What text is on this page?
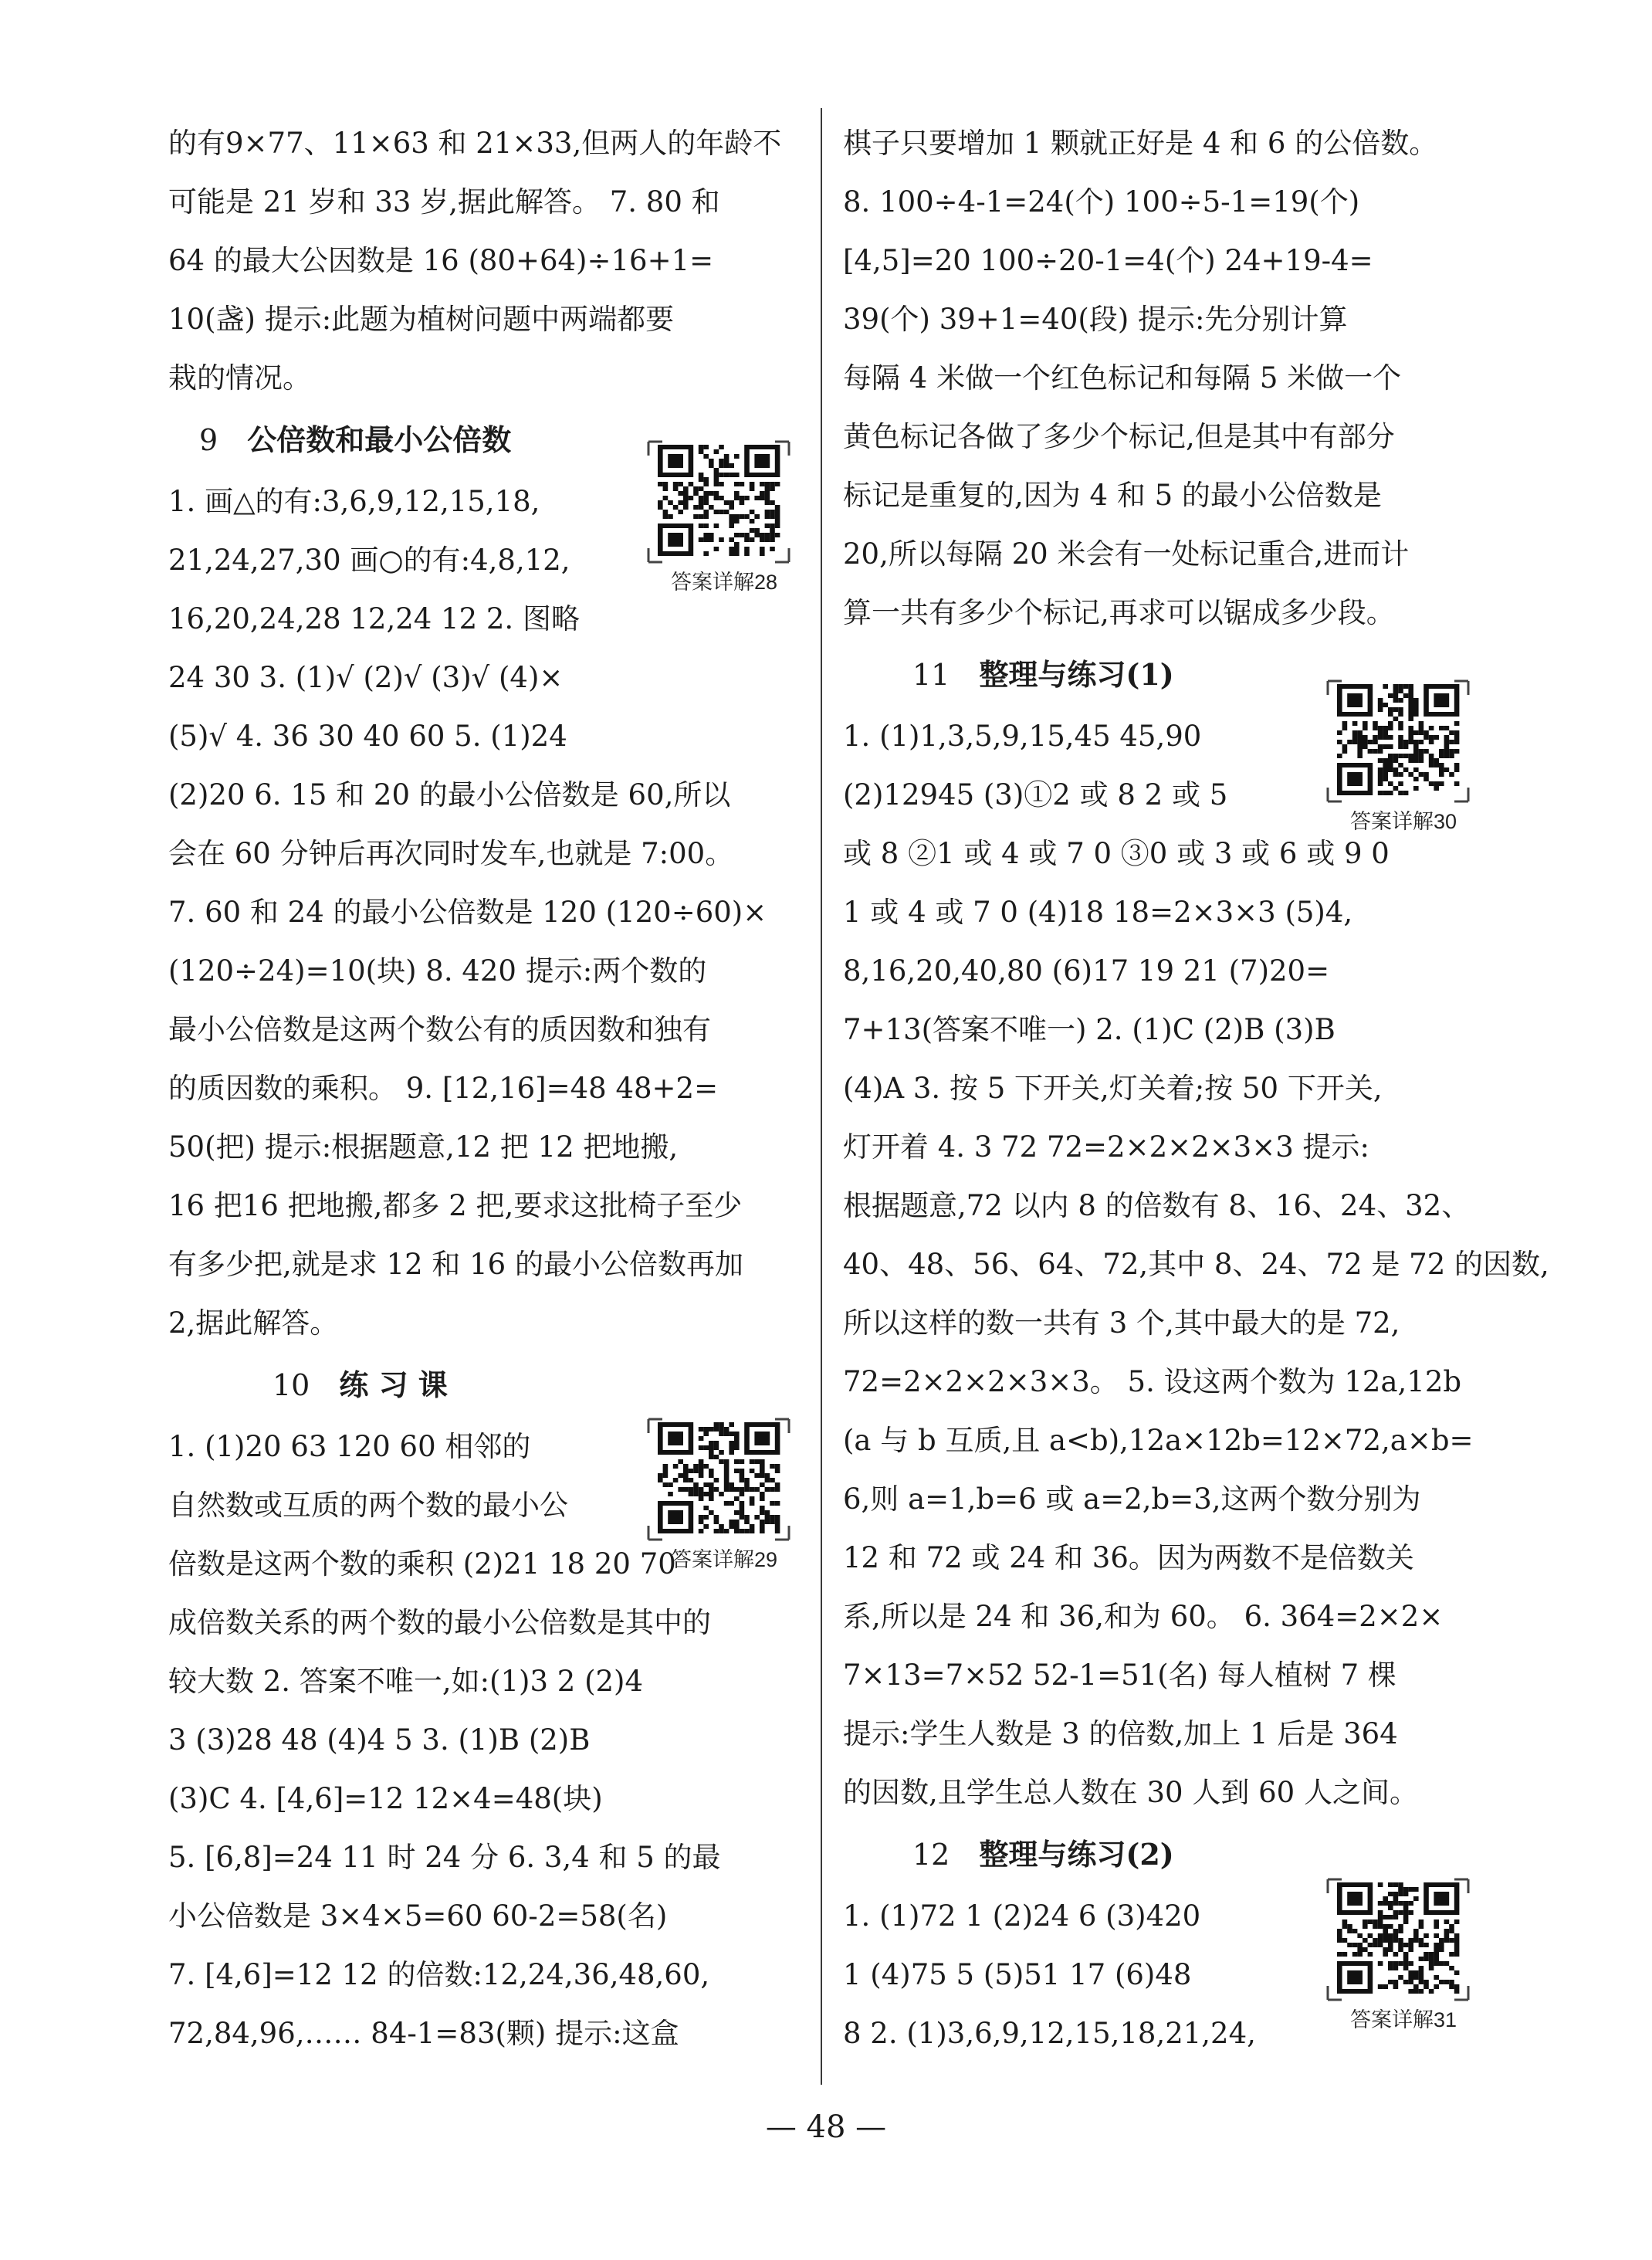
的有9×77、11×63 和 21×33,但两人的年龄不
可能是 21 岁和 33 岁,据此解答。 7. 80 和
64 的最大公因数是 16 (80+64)÷16+1=
10(盏) 提示:此题为植树问题中两端都要
栽的情况。
9 公倍数和最小公倍数
1. 画△的有:3,6,9,12,15,18,
21,24,27,30 画○的有:4,8,12,
16,20,24,28 12,24 12 2. 图略
24 30 3. (1)√ (2)√ (3)√ (4)×
(5)√ 4. 36 30 40 60 5. (1)24
(2)20 6. 15 和 20 的最小公倍数是 60,所以
会在 60 分钟后再次同时发车,也就是 7:00。
7. 60 和 24 的最小公倍数是 120 (120÷60)×
(120÷24)=10(块) 8. 420 提示:两个数的
最小公倍数是这两个数公有的质因数和独有
的质因数的乘积。 9. [12,16]=48 48+2=
50(把) 提示:根据题意,12 把 12 把地搬,
16 把16 把地搬,都多 2 把,要求这批椅子至少
有多少把,就是求 12 和 16 的最小公倍数再加
2,据此解答。
10 练 习 课
1. (1)20 63 120 60 相邻的
自然数或互质的两个数的最小公
倍数是这两个数的乘积 (2)21 18 20 70
成倍数关系的两个数的最小公倍数是其中的
较大数 2. 答案不唯一,如:(1)3 2 (2)4
3 (3)28 48 (4)4 5 3. (1)B (2)B
(3)C 4. [4,6]=12 12×4=48(块)
5. [6,8]=24 11 时 24 分 6. 3,4 和 5 的最
小公倍数是 3×4×5=60 60-2=58(名)
7. [4,6]=12 12 的倍数:12,24,36,48,60,
72,84,96,…… 84-1=83(颗) 提示:这盒
棋子只要增加 1 颗就正好是 4 和 6 的公倍数。
8. 100÷4-1=24(个) 100÷5-1=19(个)
[4,5]=20 100÷20-1=4(个) 24+19-4=
39(个) 39+1=40(段) 提示:先分别计算
每隔 4 米做一个红色标记和每隔 5 米做一个
黄色标记各做了多少个标记,但是其中有部分
标记是重复的,因为 4 和 5 的最小公倍数是
20,所以每隔 20 米会有一处标记重合,进而计
算一共有多少个标记,再求可以锯成多少段。
11 整理与练习(1)
1. (1)1,3,5,9,15,45 45,90
(2)12945 (3)①2 或 8 2 或 5
或 8 ②1 或 4 或 7 0 ③0 或 3 或 6 或 9 0
1 或 4 或 7 0 (4)18 18=2×3×3 (5)4,
8,16,20,40,80 (6)17 19 21 (7)20=
7+13(答案不唯一) 2. (1)C (2)B (3)B
(4)A 3. 按 5 下开关,灯关着;按 50 下开关,
灯开着 4. 3 72 72=2×2×2×3×3 提示:
根据题意,72 以内 8 的倍数有 8、16、24、32、
40、48、56、64、72,其中 8、24、72 是 72 的因数,
所以这样的数一共有 3 个,其中最大的是 72,
72=2×2×2×3×3。 5. 设这两个数为 12a,12b
(a 与 b 互质,且 a<b),12a×12b=12×72,a×b=
6,则 a=1,b=6 或 a=2,b=3,这两个数分别为
12 和 72 或 24 和 36。因为两数不是倍数关
系,所以是 24 和 36,和为 60。 6. 364=2×2×
7×13=7×52 52-1=51(名) 每人植树 7 棵
提示:学生人数是 3 的倍数,加上 1 后是 364
的因数,且学生总人数在 30 人到 60 人之间。
12 整理与练习(2)
1. (1)72 1 (2)24 6 (3)420
1 (4)75 5 (5)51 17 (6)48
8 2. (1)3,6,9,12,15,18,21,24,
答案详解28
答案详解29
答案详解30
答案详解31
— 48 —
